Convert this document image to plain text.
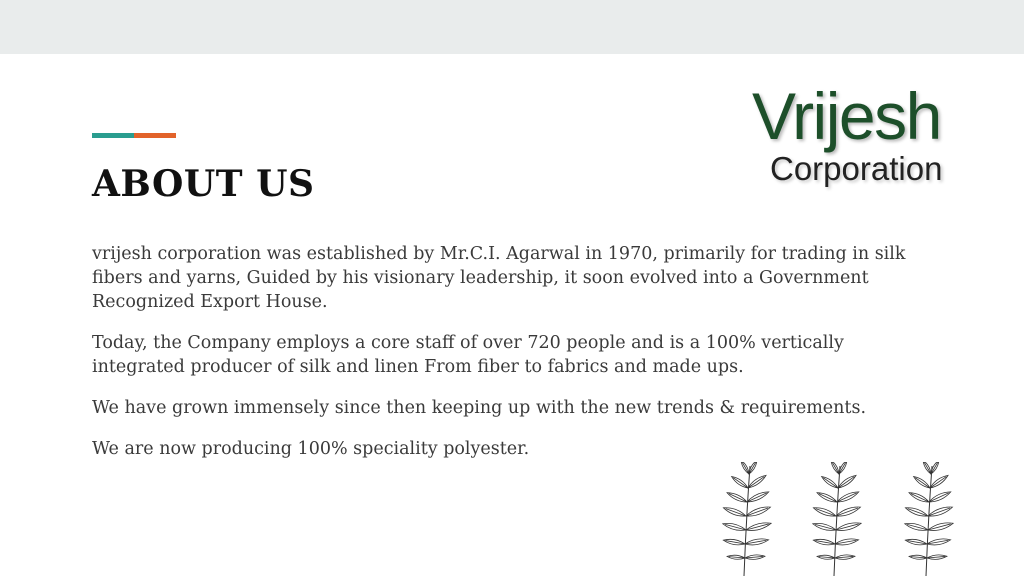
ABOUT US
Vrijesh
Corporation

vrijesh corporation was established by Mr.C.I. Agarwal in 1970, primarily for trading in silk fibers and yarns, Guided by his visionary leadership, it soon evolved into a Government Recognized Export House.

Today, the Company employs a core staff of over 720 people and is a 100% vertically integrated producer of silk and linen From fiber to fabrics and made ups.

We have grown immensely since then keeping up with the new trends & requirements.

We are now producing 100% speciality polyester.
